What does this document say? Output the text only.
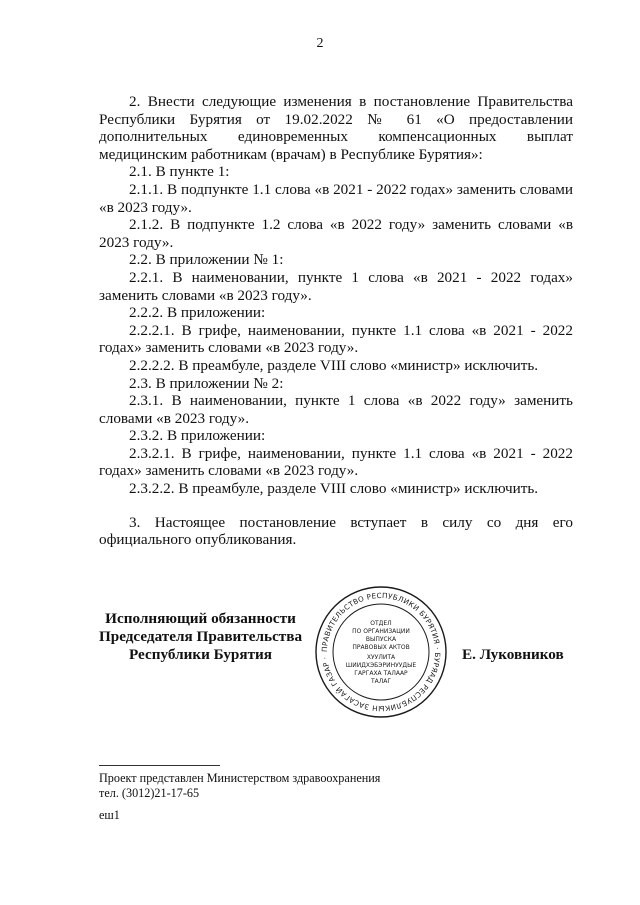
2

2. Внести следующие изменения в постановление Правительства Республики Бурятия от 19.02.2022 № 61 «О предоставлении дополнительных единовременных компенсационных выплат медицинским работникам (врачам) в Республике Бурятия»:

2.1. В пункте 1:

2.1.1. В подпункте 1.1 слова «в 2021 - 2022 годах» заменить словами «в 2023 году».

2.1.2. В подпункте 1.2 слова «в 2022 году» заменить словами «в 2023 году».

2.2. В приложении № 1:

2.2.1. В наименовании, пункте 1 слова «в 2021 - 2022 годах» заменить словами «в 2023 году».

2.2.2. В приложении:

2.2.2.1. В грифе, наименовании, пункте 1.1 слова «в 2021 - 2022 годах» заменить словами «в 2023 году».

2.2.2.2. В преамбуле, разделе VIII слово «министр» исключить.

2.3. В приложении № 2:

2.3.1. В наименовании, пункте 1 слова «в 2022 году» заменить словами «в 2023 году».

2.3.2. В приложении:

2.3.2.1. В грифе, наименовании, пункте 1.1 слова «в 2021 - 2022 годах» заменить словами «в 2023 году».

2.3.2.2. В преамбуле, разделе VIII слово «министр» исключить.

3. Настоящее постановление вступает в силу со дня его официального опубликования.

Исполняющий обязанности
Председателя Правительства
Республики Бурятия	ПРАВИТЕЛЬСТВО РЕСПУБЛИКИ БУРЯТИЯ · БУРЯАД РЕСПУБЛИКЫН ЗАСАГАЙ ГАЗАР ·
ОТДЕЛ
ПО ОРГАНИЗАЦИИ
ВЫПУСКА
ПРАВОВЫХ АКТОВ
ХУУЛИТА
ШИИДХЭБЭРИНУУДЫЕ
ГАРГАХА ТАЛААР
ТАЛАГ
Е. Луковников
Проект представлен Министерством здравоохранения
тел. (3012)21-17-65
еш1
